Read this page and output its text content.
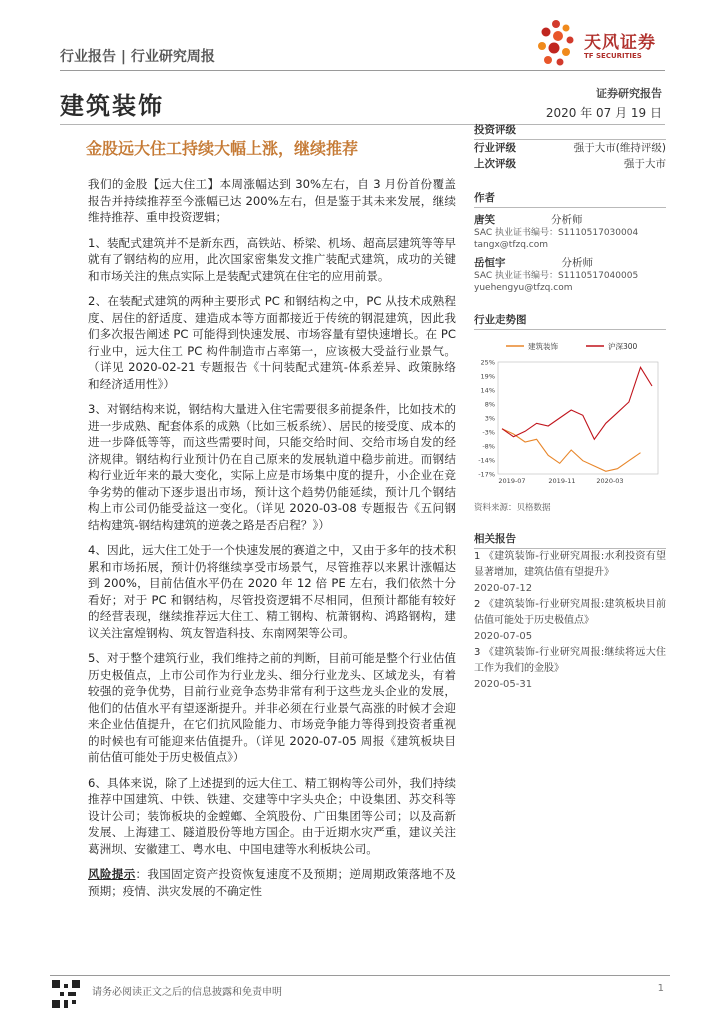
行业报告 | 行业研究周报
天风证券
TF SECURITIES
建筑装饰	证券研究报告
2020 年 07 月 19 日
金股远大住工持续大幅上涨，继续推荐

我们的金股【远大住工】本周涨幅达到 30%左右，自 3 月份首份覆盖报告并持续推荐至今涨幅已达 200%左右，但是鉴于其未来发展，继续维持推荐、重申投资逻辑；

1、装配式建筑并不是新东西，高铁站、桥梁、机场、超高层建筑等等早就有了钢结构的应用，此次国家密集发文推广装配式建筑，成功的关键和市场关注的焦点实际上是装配式建筑在住宅的应用前景。

2、在装配式建筑的两种主要形式 PC 和钢结构之中，PC 从技术成熟程度、居住的舒适度、建造成本等方面都接近于传统的钢混建筑，因此我们多次报告阐述 PC 可能得到快速发展、市场容量有望快速增长。在 PC 行业中，远大住工 PC 构件制造市占率第一，应该极大受益行业景气。（详见 2020-02-21 专题报告《十问装配式建筑-体系差异、政策脉络和经济适用性》）

3、对钢结构来说，钢结构大量进入住宅需要很多前提条件，比如技术的进一步成熟、配套体系的成熟（比如三板系统）、居民的接受度、成本的进一步降低等等，而这些需要时间，只能交给时间、交给市场自发的经济规律。钢结构行业预计仍在自己原来的发展轨道中稳步前进。而钢结构行业近年来的最大变化，实际上应是市场集中度的提升，小企业在竞争劣势的催动下逐步退出市场，预计这个趋势仍能延续，预计几个钢结构上市公司仍能受益这一变化。（详见 2020-03-08 专题报告《五问钢结构建筑-钢结构建筑的逆袭之路是否启程？》）

4、因此，远大住工处于一个快速发展的赛道之中，又由于多年的技术积累和市场拓展，预计仍将继续享受市场景气，尽管推荐以来累计涨幅达到 200%，目前估值水平仍在 2020 年 12 倍 PE 左右，我们依然十分看好；对于 PC 和钢结构，尽管投资逻辑不尽相同，但预计都能有较好的经营表现，继续推荐远大住工、精工钢构、杭萧钢构、鸿路钢构，建议关注富煌钢构、筑友智造科技、东南网架等公司。

5、对于整个建筑行业，我们维持之前的判断，目前可能是整个行业估值历史极值点，上市公司作为行业龙头、细分行业龙头、区域龙头，有着较强的竞争优势，目前行业竞争态势非常有利于这些龙头企业的发展，他们的估值水平有望逐渐提升。并非必须在行业景气高涨的时候才会迎来企业估值提升，在它们抗风险能力、市场竞争能力等得到投资者重视的时候也有可能迎来估值提升。（详见 2020-07-05 周报《建筑板块目前估值可能处于历史极值点》）

6、具体来说，除了上述提到的远大住工、精工钢构等公司外，我们持续推荐中国建筑、中铁、铁建、交建等中字头央企；中设集团、苏交科等设计公司；装饰板块的金螳螂、全筑股份、广田集团等公司；以及高新发展、上海建工、隧道股份等地方国企。由于近期水灾严重，建议关注葛洲坝、安徽建工、粤水电、中国电建等水利板块公司。

风险提示：我国固定资产投资恢复速度不及预期；逆周期政策落地不及预期；疫情、洪灾发展的不确定性

投资评级
行业评级	强于大市(维持评级)
上次评级	强于大市
作者
唐笑	分析师
SAC 执业证书编号：S1110517030004
tangx@tfzq.com
岳恒宇	分析师
SAC 执业证书编号：S1110517040005
yuehengyu@tfzq.com
行业走势图
25%
19%
14%
8%
3%
-3%
-8%
-14%
-17%
2019-07	2019-11	2020-03
建筑装饰	沪深300
资料来源：贝格数据
相关报告
1 《建筑装饰-行业研究周报:水利投资有望显著增加，建筑估值有望提升》
2020-07-12
2 《建筑装饰-行业研究周报:建筑板块目前估值可能处于历史极值点》
2020-07-05
3 《建筑装饰-行业研究周报:继续将远大住工作为我们的金股》
2020-05-31
请务必阅读正文之后的信息披露和免责申明	1
